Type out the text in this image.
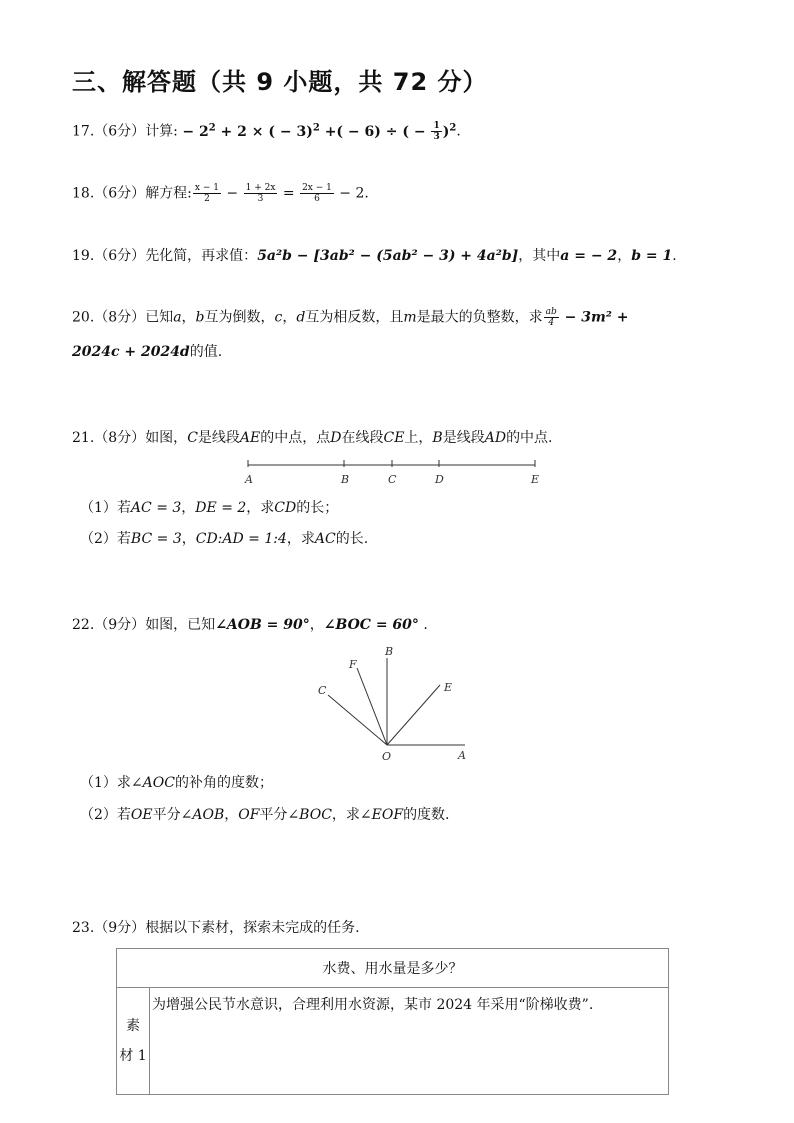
三、解答题（共 9 小题，共 72 分）
17.（6分）计算: − $2^2 + 2$ × ( − 3)$^2$ +( − 6) ÷ ( − $\frac{1}{3} )^2$.
18.（6分）解方程: $\frac{x - 1}{2} - \frac{1 + 2x}{3} = \frac{2x - 1}{6} - 2$.
19.（6分）先化简，再求值：5a²b − [3ab² − (5ab² − 3) + 4a²b]，其中a = − 2，b = 1.
20.（8分）已知a，b互为倒数，c，d互为相反数，且m是最大的负整数，求 $\frac{ab}{4} - 3m^2$ +
2024c + 2024d的值.
21.（8分）如图，C是线段AE的中点，点D在线段CE上，B是线段AD的中点.
A	B	C	D	E
（1）若AC = 3，DE = 2，求CD的长；
（2）若BC = 3，CD:AD = 1:4，求AC的长.
22.（9分）如图，已知∠AOB = 90°，∠BOC = 60° .
F
B
C	E
O	A
（1）求∠AOC的补角的度数；
（2）若OE平分∠AOB，OF平分∠BOC，求∠EOF的度数.
23.（9分）根据以下素材，探索未完成的任务.
水费、用水量是多少？
素
材 1	为增强公民节水意识，合理利用水资源，某市 2024 年采用“阶梯收费”.
